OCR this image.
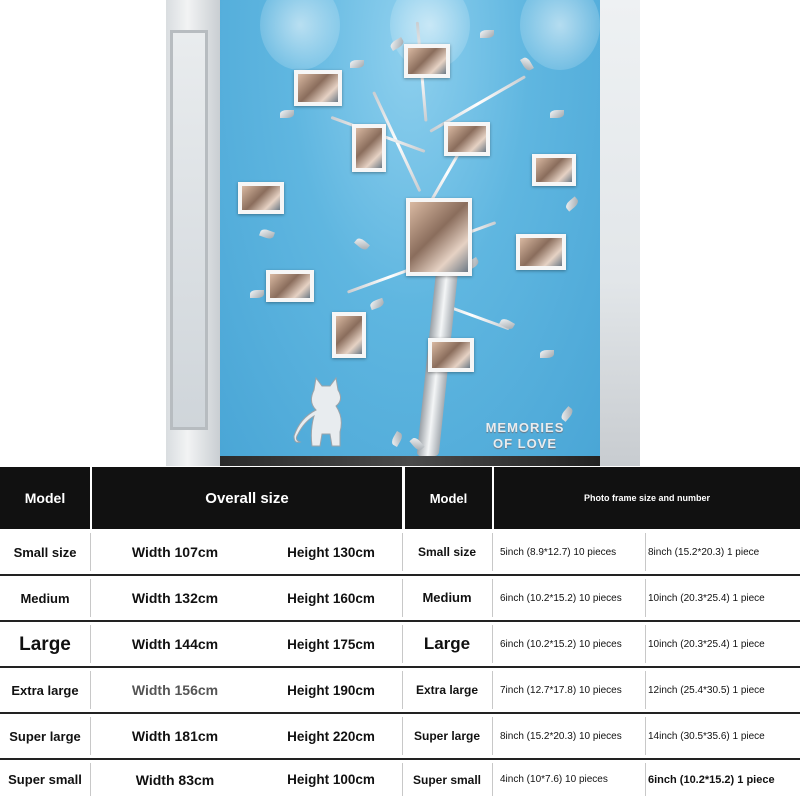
MEMORIES
OF LOVE
Model	Overall size	Model	Photo frame size and number
Small size	Width 107cm	Height 130cm	Small size	5inch (8.9*12.7) 10 pieces	8inch (15.2*20.3) 1 piece
Medium	Width 132cm	Height 160cm	Medium	6inch (10.2*15.2) 10 pieces	10inch (20.3*25.4) 1 piece
Large	Width 144cm	Height 175cm	Large	6inch (10.2*15.2) 10 pieces	10inch (20.3*25.4) 1 piece
Extra large	Width 156cm	Height 190cm	Extra large	7inch (12.7*17.8) 10 pieces	12inch (25.4*30.5) 1 piece
Super large	Width 181cm	Height 220cm	Super large	8inch (15.2*20.3) 10 pieces	14inch (30.5*35.6) 1 piece
Super small	Width 83cm	Height 100cm	Super small	4inch (10*7.6) 10 pieces	6inch (10.2*15.2) 1 piece
